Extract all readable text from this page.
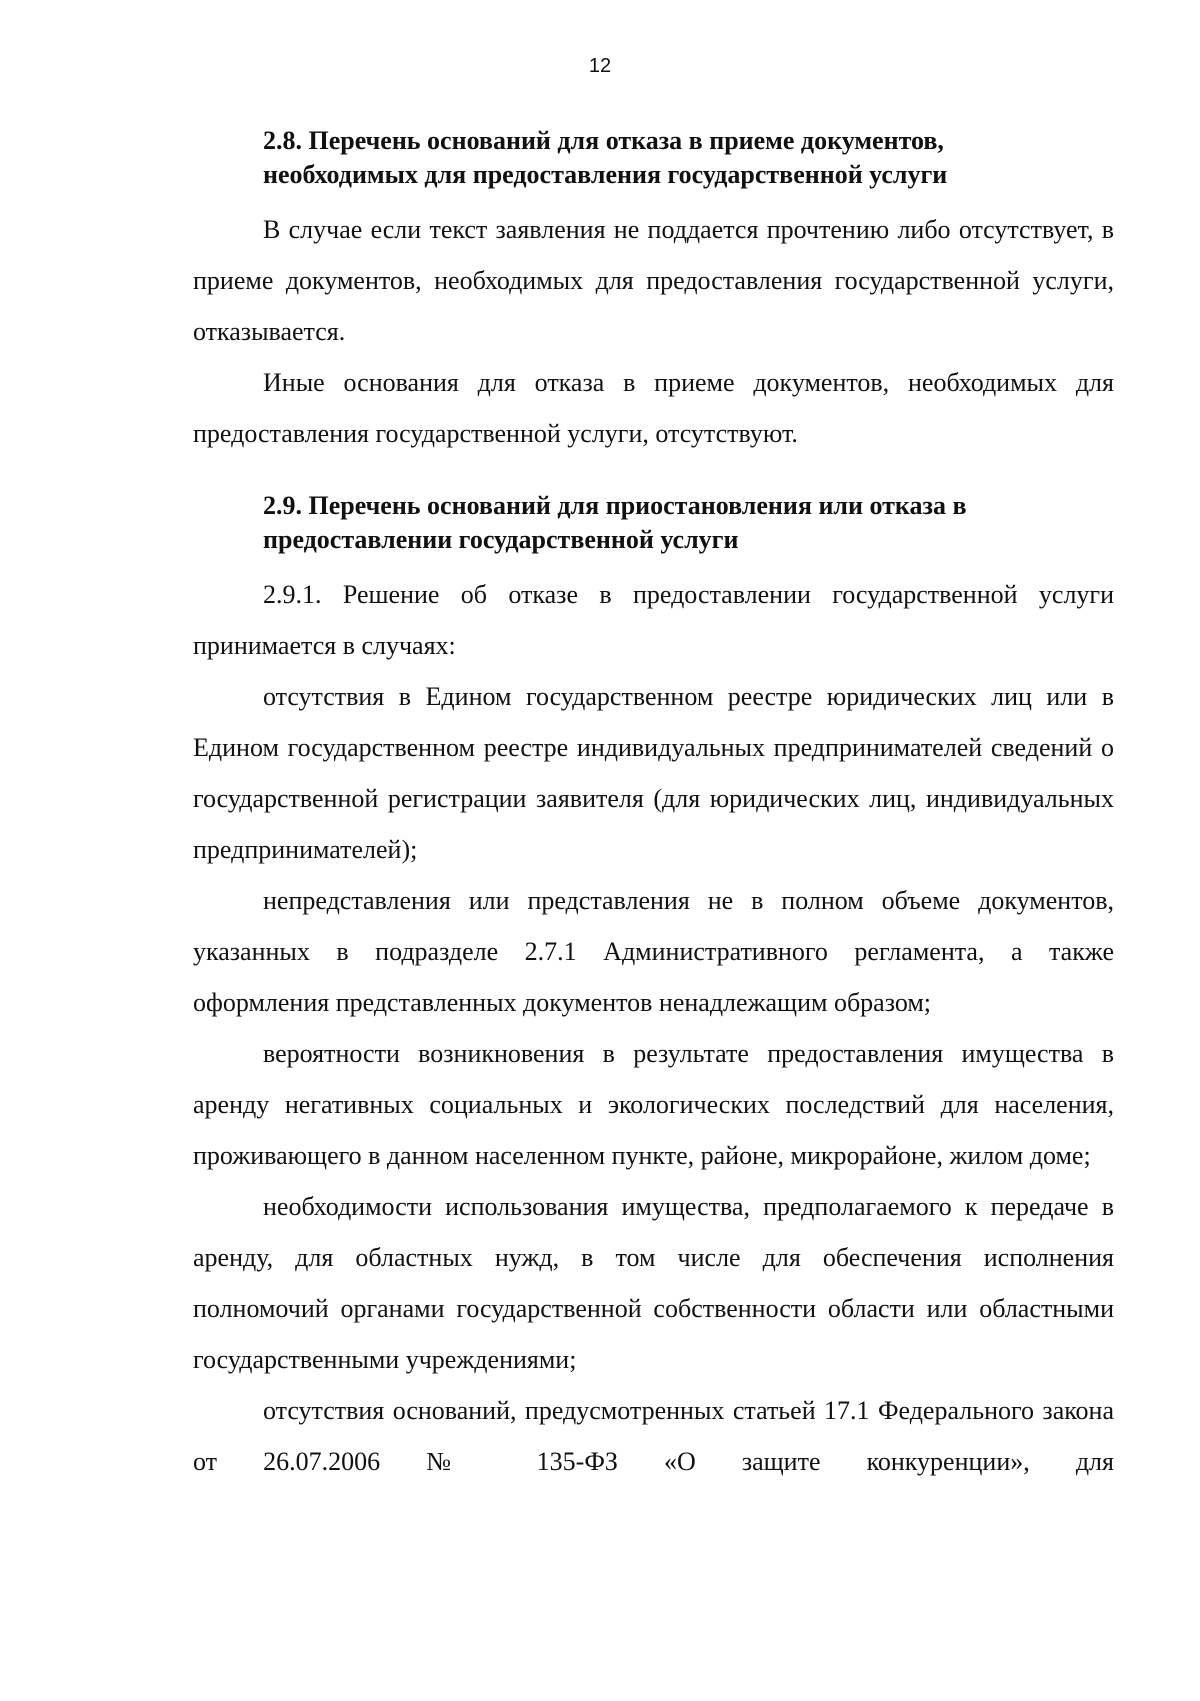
12
2.8. Перечень оснований для отказа в приеме документов,

необходимых для предоставления государственной услуги

В случае если текст заявления не поддается прочтению либо отсутствует, в приеме документов, необходимых для предоставления государственной услуги, отказывается.

Иные основания для отказа в приеме документов, необходимых для предоставления государственной услуги, отсутствуют.

2.9. Перечень оснований для приостановления или отказа в

предоставлении государственной услуги

2.9.1. Решение об отказе в предоставлении государственной услуги принимается в случаях:

отсутствия в Едином государственном реестре юридических лиц или в Едином государственном реестре индивидуальных предпринимателей сведений о государственной регистрации заявителя (для юридических лиц, индивидуальных предпринимателей);

непредставления или представления не в полном объеме документов, указанных в подразделе 2.7.1 Административного регламента, а также оформления представленных документов ненадлежащим образом;

вероятности возникновения в результате предоставления имущества в аренду негативных социальных и экологических последствий для населения, проживающего в данном населенном пункте, районе, микрорайоне, жилом доме;

необходимости использования имущества, предполагаемого к передаче в аренду, для областных нужд, в том числе для обеспечения исполнения полномочий органами государственной собственности области или областными государственными учреждениями;

отсутствия оснований, предусмотренных статьей 17.1 Федерального закона от 26.07.2006 № 135-ФЗ «О защите конкуренции», для
